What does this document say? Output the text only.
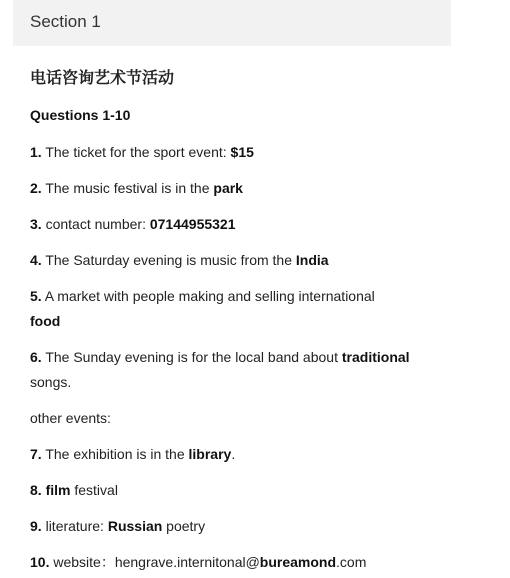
Section 1
电话咨询艺术节活动
Questions 1-10
1. The ticket for the sport event: $15
2. The music festival is in the park
3. contact number: 07144955321
4. The Saturday evening is music from the India
5. A market with people making and selling international
food
6. The Sunday evening is for the local band about traditional
songs.
other events:
7. The exhibition is in the library.
8. film festival
9. literature: Russian poetry
10. website：hengrave.internitonal@bureamond.com
